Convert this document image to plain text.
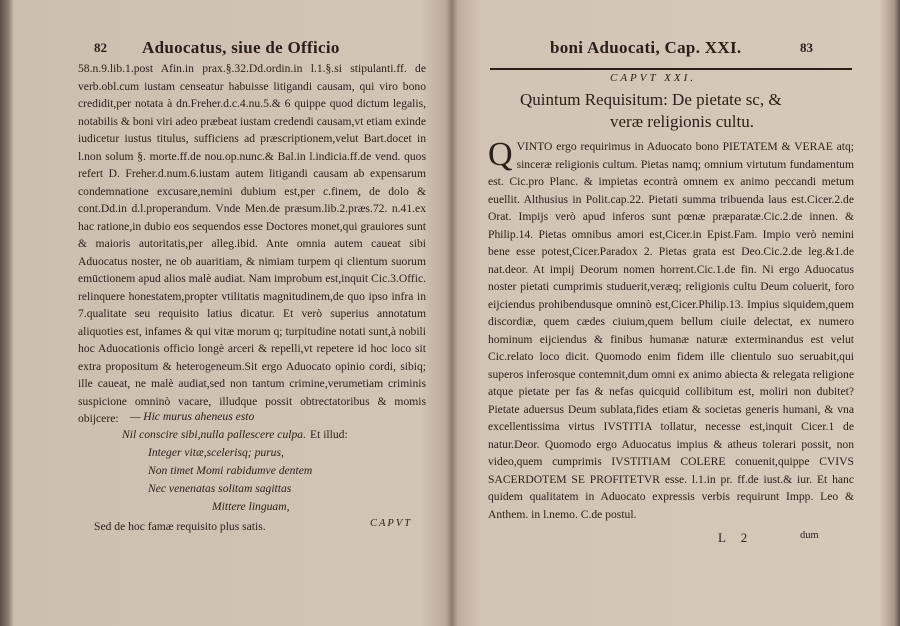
82 Aduocatus, siue de Officio
58.n.9.lib.1.post Afin.in prax.§.32.Dd.ordin.in l.1.§.si stipulanti.ff. de verb.obl.cum iustam censeatur habuisse litigandi causam, qui viro bono credidit,per notata à dn.Freher.d.c.4.nu.5.& 6 quippe quod dictum legalis, notabilis & boni viri adeo præbeat iustam credendi causam,vt etiam exinde iudicetur iustus titulus, sufficiens ad præscriptionem,velut Bart.docet in l.non solum §. morte.ff.de nou.op.nunc.& Bal.in l.indicia.ff.de vend. quos refert D. Freher.d.num.6.iustam autem litigandi causam ab expensarum condemnatione excusare,nemini dubium est,per c.finem, de dolo & cont.Dd.in d.l.properandum. Vnde Men.de præsum.lib.2.præs.72. n.41.ex hac ratione,in dubio eos sequendos esse Doctores monet,qui grauiores sunt & maioris autoritatis,per alleg.ibid. Ante omnia autem caueat sibi Aduocatus noster, ne ob auaritiam, & nimiam turpem qi clientum suorum emūctionem apud alios malè audiat. Nam improbum est,inquit Cic.3.Offic. relinquere honestatem,propter vtilitatis magnitudinem,de quo ipso infra in 7.qualitate seu requisito latius dicatur. Et verò superius annotatum aliquoties est, infames & qui vitæ morum q; turpitudine notati sunt,à nobili hoc Aduocationis officio longè arceri & repelli,vt repetere id hoc loco sit extra propositum & heterogeneum.Sit ergo Aduocato opinio cordi, sibiq; ille caueat, ne malè audiat,sed non tantum crimine,verumetiam criminis suspicione omninò vacare, illudque possit obtrectatoribus & momis obijcere: — Hic murus aheneus esto
Et illud:
Nil conscire sibi,nulla pallescere culpa.
Integer vitæ,scelerisq; purus,
Non timet Momi rabidumve dentem
Nec venenatas solitam sagittas
Mittere linguam,
Sed de hoc famæ requisito plus satis.	CAPVT
boni Aduocati, Cap. XXI.	83
CAPVT XXI.
Quintum Requisitum: De pietate sc, &
veræ religionis cultu.
QVINTO ergo requirimus in Aduocato bono PIETATEM & VERAE atq; sinceræ religionis cultum. Pietas namq; omnium virtutum fundamentum est. Cic.pro Planc. & impietas econtrà omnem ex animo peccandi metum euellit. Althusius in Polit.cap.22. Pietati summa tribuenda laus est.Cicer.2.de Orat. Impijs verò apud inferos sunt pœnæ præparatæ.Cic.2.de innen. & Philip.14. Pietas omnibus amori est,Cicer.in Epist.Fam. Impio verò nemini bene esse potest,Cicer.Paradox 2. Pietas grata est Deo.Cic.2.de leg.&1.de nat.deor. At impij Deorum nomen horrent.Cic.1.de fin. Ni ergo Aduocatus noster pietati cumprimis studuerit,veræq; religionis cultu Deum coluerit, foro eijciendus prohibendusque omninò est,Cicer.Philip.13. Impius siquidem,quem discordiæ, quem cædes ciuium,quem bellum ciuile delectat, ex numero hominum eijciendus & finibus humanæ naturæ exterminandus est velut Cic.relato loco dicit. Quomodo enim fidem ille clientulo suo seruabit,qui superos inferosque contemnit,dum omni ex animo abiecta & relegata religione atque pietate per fas & nefas quicquid collibitum est, moliri non dubitet? Pietate aduersus Deum sublata,fides etiam & societas generis humani, & vna excellentissima virtus IVSTITIA tollatur, necesse est,inquit Cicer.1 de natur.Deor. Quomodo ergo Aduocatus impius & atheus tolerari possit, non video,quem cumprimis IVSTITIAM COLERE conuenit,quippe CVIVS SACERDOTEM SE PROFITETVR esse. l.1.in pr. ff.de iust.& iur. Et hanc quidem qualitatem in Aduocato expressis verbis requirunt Impp. Leo & Anthem. in l.nemo. C.de postul.
L 2	dum
